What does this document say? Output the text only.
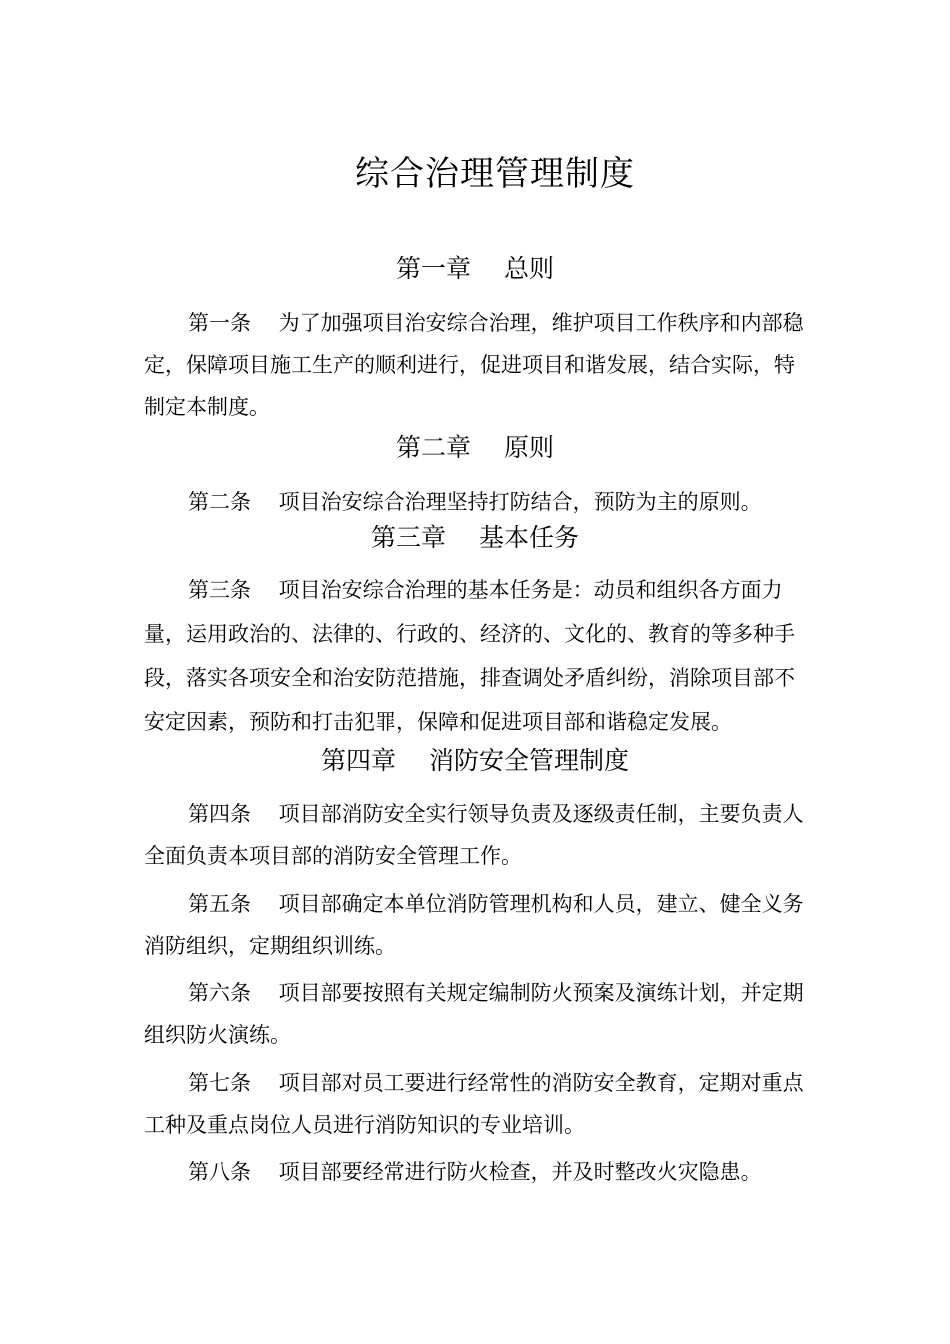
综合治理管理制度
第一章　 总则
第一条　 为了加强项目治安综合治理，维护项目工作秩序和内部稳定，保障项目施工生产的顺利进行，促进项目和谐发展，结合实际，特制定本制度。
第二章　 原则
第二条　 项目治安综合治理坚持打防结合，预防为主的原则。
第三章　 基本任务
第三条　 项目治安综合治理的基本任务是：动员和组织各方面力量，运用政治的、法律的、行政的、经济的、文化的、教育的等多种手段，落实各项安全和治安防范措施，排查调处矛盾纠纷，消除项目部不安定因素，预防和打击犯罪，保障和促进项目部和谐稳定发展。
第四章　 消防安全管理制度
第四条　 项目部消防安全实行领导负责及逐级责任制，主要负责人全面负责本项目部的消防安全管理工作。
第五条　 项目部确定本单位消防管理机构和人员，建立、健全义务消防组织，定期组织训练。
第六条　 项目部要按照有关规定编制防火预案及演练计划，并定期组织防火演练。
第七条　 项目部对员工要进行经常性的消防安全教育，定期对重点工种及重点岗位人员进行消防知识的专业培训。
第八条　 项目部要经常进行防火检查，并及时整改火灾隐患。
